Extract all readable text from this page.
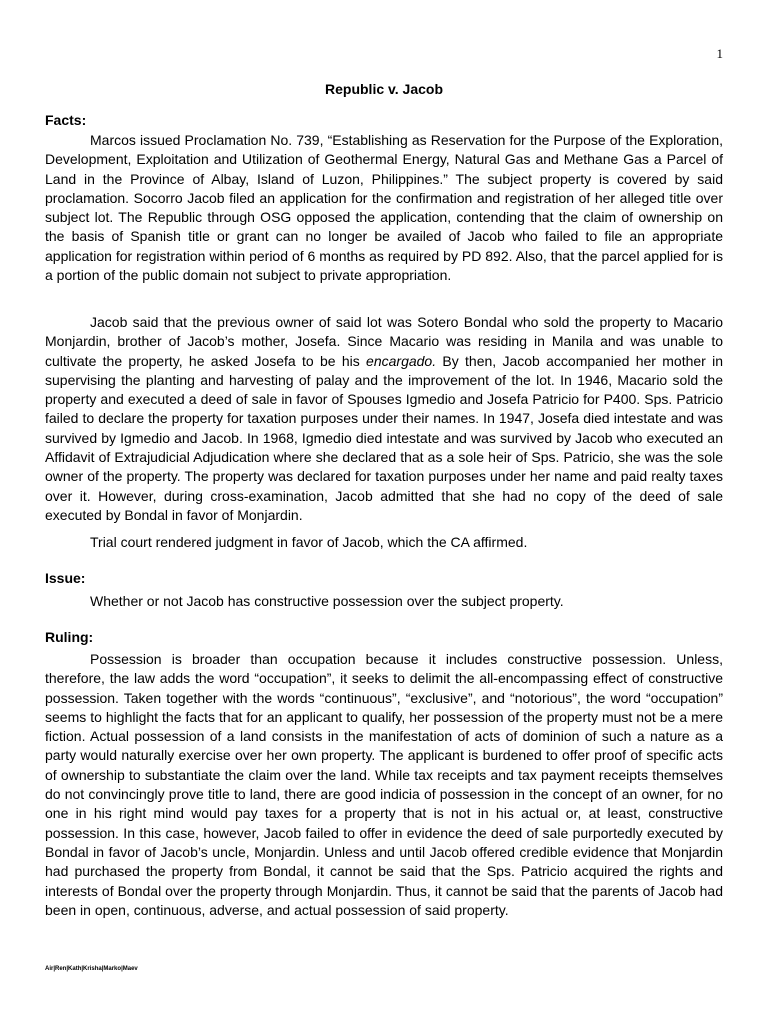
1
Republic v. Jacob
Facts:

Marcos issued Proclamation No. 739, “Establishing as Reservation for the Purpose of the Exploration, Development, Exploitation and Utilization of Geothermal Energy, Natural Gas and Methane Gas a Parcel of Land in the Province of Albay, Island of Luzon, Philippines.” The subject property is covered by said proclamation. Socorro Jacob filed an application for the confirmation and registration of her alleged title over subject lot. The Republic through OSG opposed the application, contending that the claim of ownership on the basis of Spanish title or grant can no longer be availed of Jacob who failed to file an appropriate application for registration within period of 6 months as required by PD 892. Also, that the parcel applied for is a portion of the public domain not subject to private appropriation.

Jacob said that the previous owner of said lot was Sotero Bondal who sold the property to Macario Monjardin, brother of Jacob’s mother, Josefa. Since Macario was residing in Manila and was unable to cultivate the property, he asked Josefa to be his encargado. By then, Jacob accompanied her mother in supervising the planting and harvesting of palay and the improvement of the lot. In 1946, Macario sold the property and executed a deed of sale in favor of Spouses Igmedio and Josefa Patricio for P400. Sps. Patricio failed to declare the property for taxation purposes under their names. In 1947, Josefa died intestate and was survived by Igmedio and Jacob. In 1968, Igmedio died intestate and was survived by Jacob who executed an Affidavit of Extrajudicial Adjudication where she declared that as a sole heir of Sps. Patricio, she was the sole owner of the property. The property was declared for taxation purposes under her name and paid realty taxes over it. However, during cross-examination, Jacob admitted that she had no copy of the deed of sale executed by Bondal in favor of Monjardin.

Trial court rendered judgment in favor of Jacob, which the CA affirmed.

Issue:

Whether or not Jacob has constructive possession over the subject property.

Ruling:

Possession is broader than occupation because it includes constructive possession. Unless, therefore, the law adds the word “occupation”, it seeks to delimit the all-encompassing effect of constructive possession. Taken together with the words “continuous”, “exclusive”, and “notorious”, the word “occupation” seems to highlight the facts that for an applicant to qualify, her possession of the property must not be a mere fiction. Actual possession of a land consists in the manifestation of acts of dominion of such a nature as a party would naturally exercise over her own property. The applicant is burdened to offer proof of specific acts of ownership to substantiate the claim over the land. While tax receipts and tax payment receipts themselves do not convincingly prove title to land, there are good indicia of possession in the concept of an owner, for no one in his right mind would pay taxes for a property that is not in his actual or, at least, constructive possession. In this case, however, Jacob failed to offer in evidence the deed of sale purportedly executed by Bondal in favor of Jacob’s uncle, Monjardin. Unless and until Jacob offered credible evidence that Monjardin had purchased the property from Bondal, it cannot be said that the Sps. Patricio acquired the rights and interests of Bondal over the property through Monjardin. Thus, it cannot be said that the parents of Jacob had been in open, continuous, adverse, and actual possession of said property.

Air|Ren|Kath|Krisha|Marko|Maev
